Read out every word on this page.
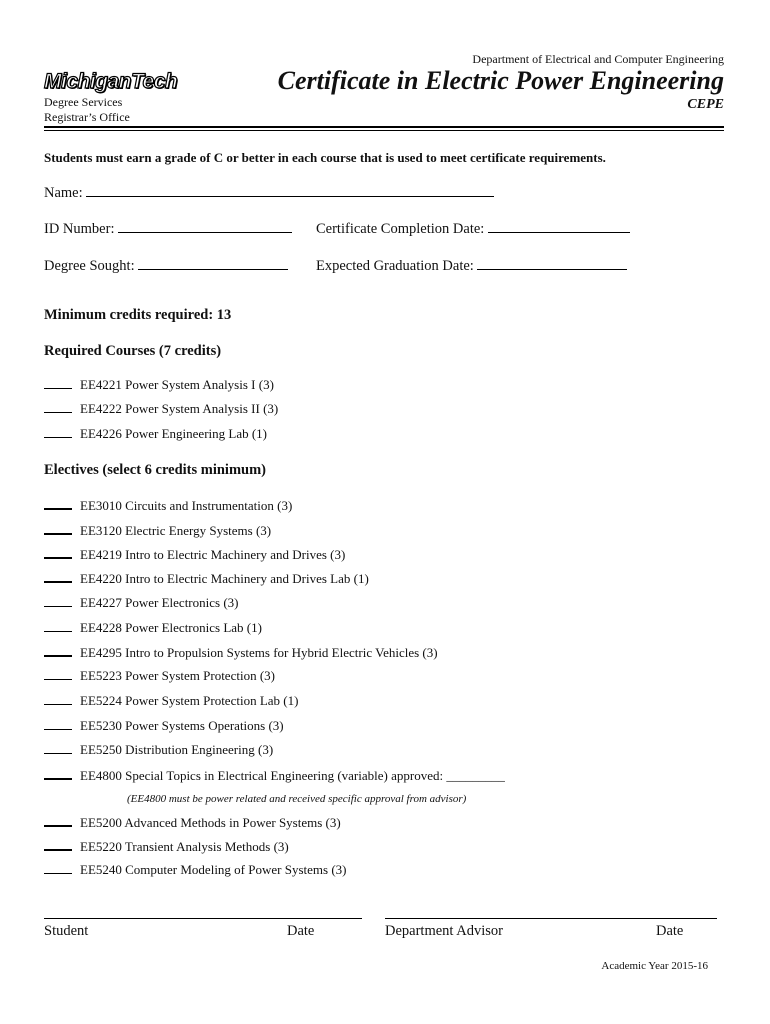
MichiganTech
Degree Services
Registrar’s Office
Department of Electrical and Computer Engineering
Certificate in Electric Power Engineering
CEPE
Students must earn a grade of C or better in each course that is used to meet certificate requirements.
Name:
ID Number:	Certificate Completion Date:
Degree Sought:	Expected Graduation Date:
Minimum credits required: 13
Required Courses (7 credits)
EE4221 Power System Analysis I (3)
EE4222 Power System Analysis II (3)
EE4226 Power Engineering Lab (1)
Electives (select 6 credits minimum)
EE3010 Circuits and Instrumentation (3)
EE3120 Electric Energy Systems (3)
EE4219 Intro to Electric Machinery and Drives (3)
EE4220 Intro to Electric Machinery and Drives Lab (1)
EE4227 Power Electronics (3)
EE4228 Power Electronics Lab (1)
EE4295 Intro to Propulsion Systems for Hybrid Electric Vehicles (3)
EE5223 Power System Protection (3)
EE5224 Power System Protection Lab (1)
EE5230 Power Systems Operations (3)
EE5250 Distribution Engineering (3)
EE4800 Special Topics in Electrical Engineering (variable) approved: _________
(EE4800 must be power related and received specific approval from advisor)
EE5200 Advanced Methods in Power Systems (3)
EE5220 Transient Analysis Methods (3)
EE5240 Computer Modeling of Power Systems (3)
Student	Date	Department Advisor	Date
Academic Year 2015-16
